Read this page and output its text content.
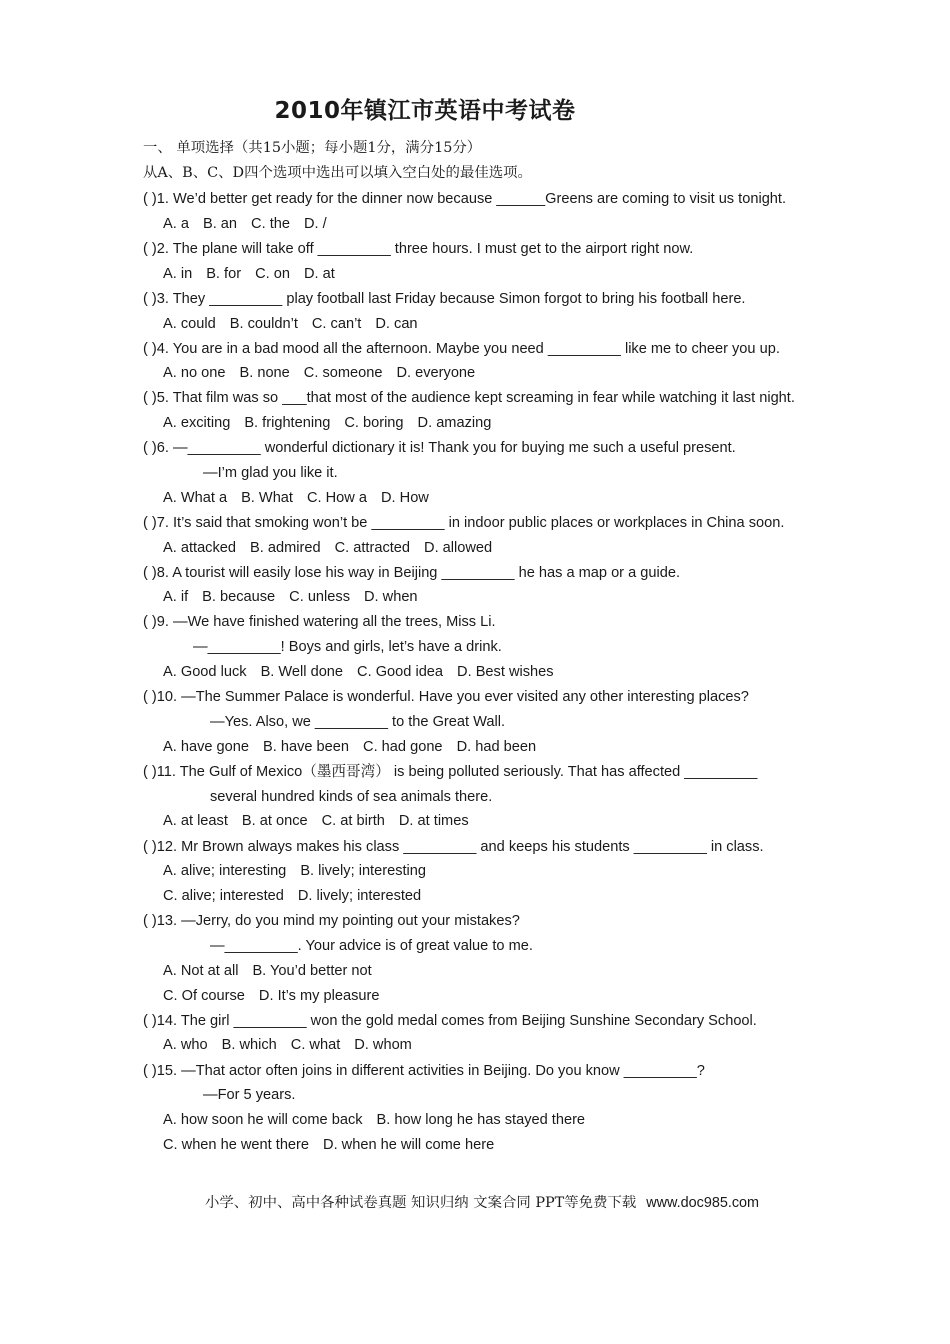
2010年镇江市英语中考试卷
一、 单项选择（共15小题；每小题1分，满分15分）
从A、B、C、D四个选项中选出可以填入空白处的最佳选项。
( )1. We’d better get ready for the dinner now because ______Greens are coming to visit us tonight.
A. a B. an C. the D. /
( )2. The plane will take off _________ three hours. I must get to the airport right now.
A. in B. for C. on D. at
( )3. They _________ play football last Friday because Simon forgot to bring his football here.
A. could B. couldn’t C. can’t D. can
( )4. You are in a bad mood all the afternoon. Maybe you need _________ like me to cheer you up.
A. no one B. none C. someone D. everyone
( )5. That film was so ___that most of the audience kept screaming in fear while watching it last night.
A. exciting B. frightening C. boring D. amazing
( )6. —_________ wonderful dictionary it is! Thank you for buying me such a useful present.
—I’m glad you like it.
A. What a B. What C. How a D. How
( )7. It’s said that smoking won’t be _________ in indoor public places or workplaces in China soon.
A. attacked B. admired C. attracted D. allowed
( )8. A tourist will easily lose his way in Beijing _________ he has a map or a guide.
A. if B. because C. unless D. when
( )9. —We have finished watering all the trees, Miss Li.
—_________! Boys and girls, let’s have a drink.
A. Good luck B. Well done C. Good idea D. Best wishes
( )10. —The Summer Palace is wonderful. Have you ever visited any other interesting places?
—Yes. Also, we _________ to the Great Wall.
A. have gone B. have been C. had gone D. had been
( )11. The Gulf of Mexico（墨西哥湾） is being polluted seriously. That has affected _________
several hundred kinds of sea animals there.
A. at least B. at once C. at birth D. at times
( )12. Mr Brown always makes his class _________ and keeps his students _________ in class.
A. alive; interesting B. lively; interesting
C. alive; interested D. lively; interested
( )13. —Jerry, do you mind my pointing out your mistakes?
—_________. Your advice is of great value to me.
A. Not at all B. You’d better not
C. Of course D. It’s my pleasure
( )14. The girl _________ won the gold medal comes from Beijing Sunshine Secondary School.
A. who B. which C. what D. whom
( )15. —That actor often joins in different activities in Beijing. Do you know _________?
—For 5 years.
A. how soon he will come back B. how long he has stayed there
C. when he went there D. when he will come here
小学、初中、高中各种试卷真题 知识归纳 文案合同 PPT等免费下载 www.doc985.com
